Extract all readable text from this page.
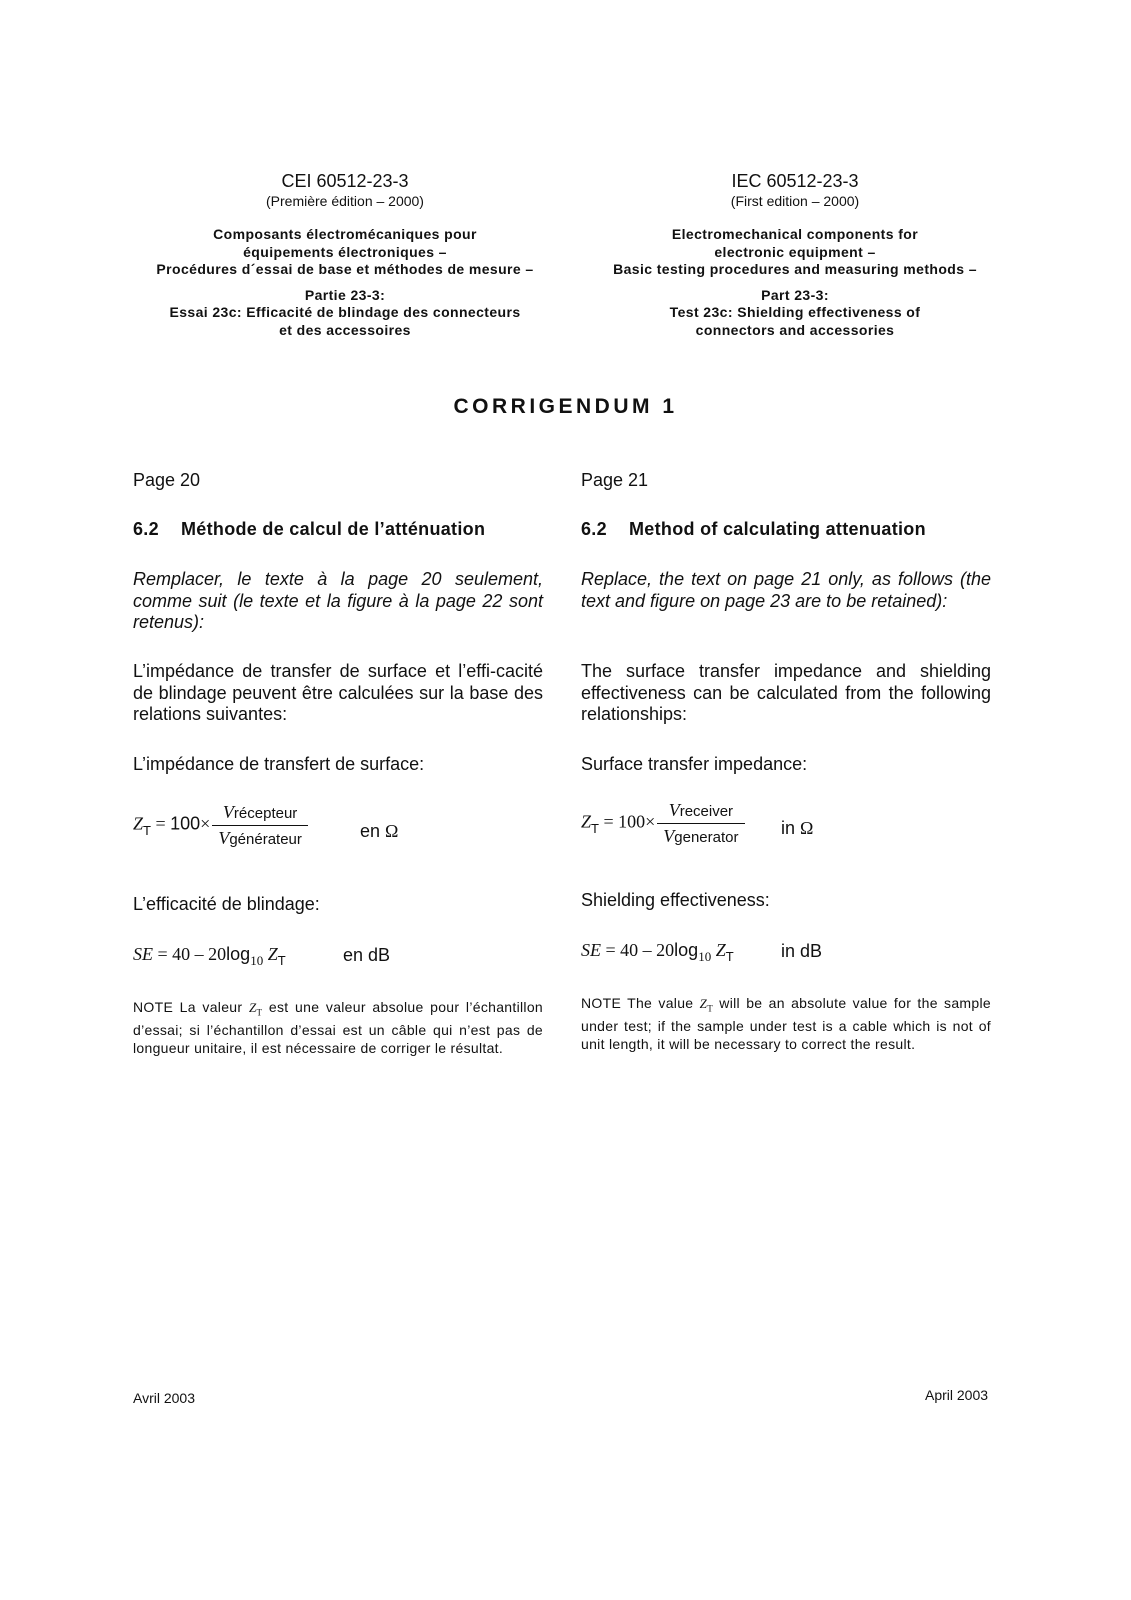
CEI 60512-23-3
(Première édition – 2000)
Composants électromécaniques pour
équipements électroniques –
Procédures d´essai de base et méthodes de mesure –
Partie 23-3:
Essai 23c: Efficacité de blindage des connecteurs
et des accessoires
IEC 60512-23-3
(First edition – 2000)
Electromechanical components for
electronic equipment –
Basic testing procedures and measuring methods –
Part 23-3:
Test 23c: Shielding effectiveness of
connectors and accessories
CORRIGENDUM 1
Page 20
6.2 Méthode de calcul de l’atténuation
Remplacer, le texte à la page 20 seulement, comme suit (le texte et la figure à la page 22 sont retenus):
L’impédance de transfer de surface et l’effi-cacité de blindage peuvent être calculées sur la base des relations suivantes:
L’impédance de transfert de surface:
$Z_T = 100\times \frac{\text{Vrécepteur}}{\text{Vgénérateur}}$	en Ω
L’efficacité de blindage:
SE = $40 - 20\log_{10}$ $Z_T$	en dB
NOTE La valeur $Z_T$ est une valeur absolue pour l’échantillon d’essai; si l’échantillon d’essai est un câble qui n’est pas de longueur unitaire, il est nécessaire de corriger le résultat.
Page 21
6.2 Method of calculating attenuation
Replace, the text on page 21 only, as follows (the text and figure on page 23 are to be retained):
The surface transfer impedance and shielding effectiveness can be calculated from the following relationships:
Surface transfer impedance:
$Z_T = 100\times \frac{\text{Vreceiver}}{\text{Vgenerator}}$ in Ω
Shielding effectiveness:
SE = $40 - 20\log_{10}$ $Z_T$	in dB
NOTE The value $Z_T$ will be an absolute value for the sample under test; if the sample under test is a cable which is not of unit length, it will be necessary to correct the result.
Avril 2003	April 2003
